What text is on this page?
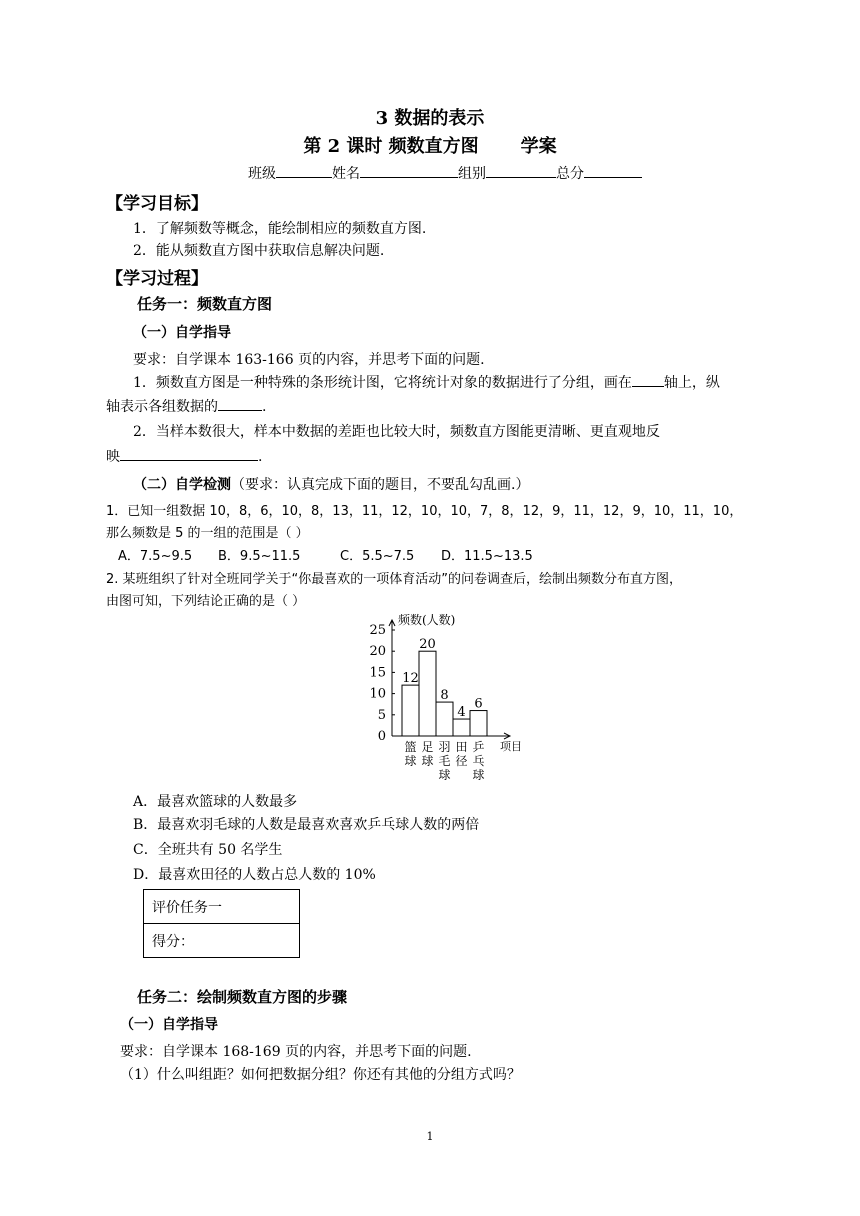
3 数据的表示
第 2 课时 频数直方图 学案
班级	姓名	组别	总分
【学习目标】
1．了解频数等概念，能绘制相应的频数直方图.
2．能从频数直方图中获取信息解决问题.
【学习过程】
任务一：频数直方图
（一）自学指导
要求：自学课本 163-166 页的内容，并思考下面的问题.
1．频数直方图是一种特殊的条形统计图，它将统计对象的数据进行了分组，画在 轴上，纵
轴表示各组数据的	.
2．当样本数很大，样本中数据的差距也比较大时，频数直方图能更清晰、更直观地反
映	.
（二）自学检测（要求：认真完成下面的题目，不要乱勾乱画.）
1．已知一组数据 10，8，6，10，8，13，11，12，10，10，7，8，12，9，11，12，9，10，11，10，
那么频数是 5 的一组的范围是（ ）
A．7.5~9.5 B．9.5~11.5	C．5.5~7.5 D．11.5~13.5
2. 某班组织了针对全班同学关于“你最喜欢的一项体育活动”的问卷调查后，绘制出频数分布直方图，
由图可知，下列结论正确的是（ ）
频数(人数)
项目
0
5
10
15
20
25
12
篮
球
20
足
球
8
羽
毛
球
4
田
径
6
乒
乓
球
A．最喜欢篮球的人数最多
B．最喜欢羽毛球的人数是最喜欢喜欢乒乓球人数的两倍
C．全班共有 50 名学生
D．最喜欢田径的人数占总人数的 10%
评价任务一
得分：
任务二：绘制频数直方图的步骤
（一）自学指导
要求：自学课本 168-169 页的内容，并思考下面的问题.
（1）什么叫组距？如何把数据分组？你还有其他的分组方式吗？
1
